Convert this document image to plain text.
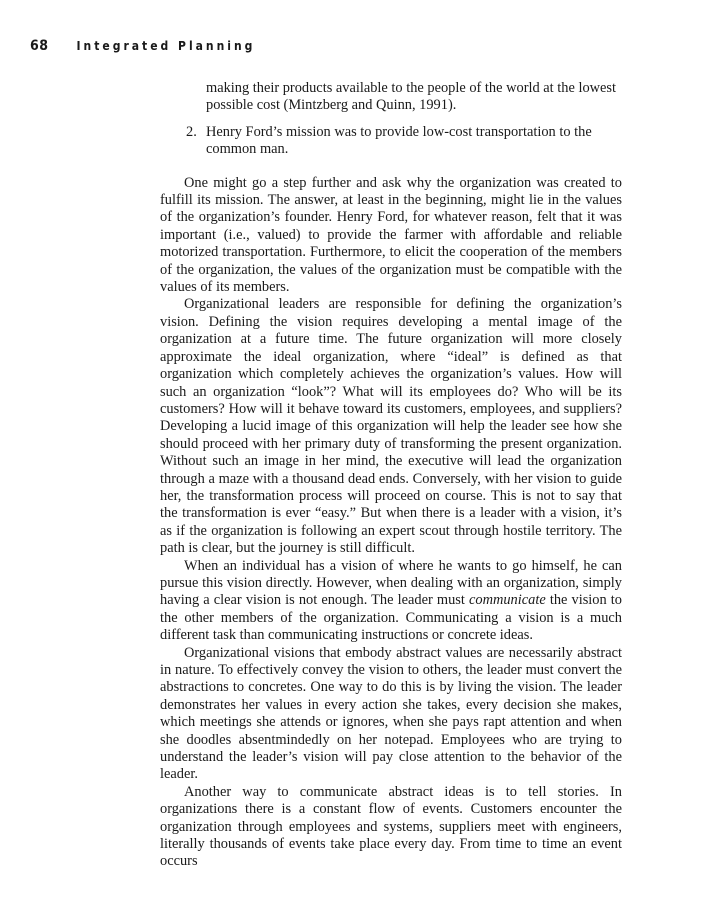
68 Integrated Planning
making their products available to the people of the world at the lowest possible cost (Mintzberg and Quinn, 1991).
2. Henry Ford’s mission was to provide low-cost transportation to the common man.

One might go a step further and ask why the organization was created to fulfill its mission. The answer, at least in the beginning, might lie in the values of the organization’s founder. Henry Ford, for whatever reason, felt that it was important (i.e., valued) to provide the farmer with affordable and reliable motorized transportation. Furthermore, to elicit the cooperation of the members of the organization, the values of the organization must be compatible with the values of its members.

Organizational leaders are responsible for defining the organization’s vision. Defining the vision requires developing a mental image of the organization at a future time. The future organization will more closely approximate the ideal organization, where “ideal” is defined as that organization which completely achieves the organization’s values. How will such an organization “look”? What will its employees do? Who will be its customers? How will it behave toward its customers, employees, and suppliers? Developing a lucid image of this organization will help the leader see how she should proceed with her primary duty of transforming the present organization. Without such an image in her mind, the executive will lead the organization through a maze with a thousand dead ends. Conversely, with her vision to guide her, the transformation process will proceed on course. This is not to say that the transformation is ever “easy.” But when there is a leader with a vision, it’s as if the organization is following an expert scout through hostile territory. The path is clear, but the journey is still difficult.

When an individual has a vision of where he wants to go himself, he can pursue this vision directly. However, when dealing with an organization, simply having a clear vision is not enough. The leader must communicate the vision to the other members of the organization. Communicating a vision is a much different task than communicating instructions or concrete ideas.

Organizational visions that embody abstract values are necessarily abstract in nature. To effectively convey the vision to others, the leader must convert the abstractions to concretes. One way to do this is by living the vision. The leader demonstrates her values in every action she takes, every decision she makes, which meetings she attends or ignores, when she pays rapt attention and when she doodles absentmindedly on her notepad. Employees who are trying to understand the leader’s vision will pay close attention to the behavior of the leader.

Another way to communicate abstract ideas is to tell stories. In organizations there is a constant flow of events. Customers encounter the organization through employees and systems, suppliers meet with engineers, literally thousands of events take place every day. From time to time an event occurs
